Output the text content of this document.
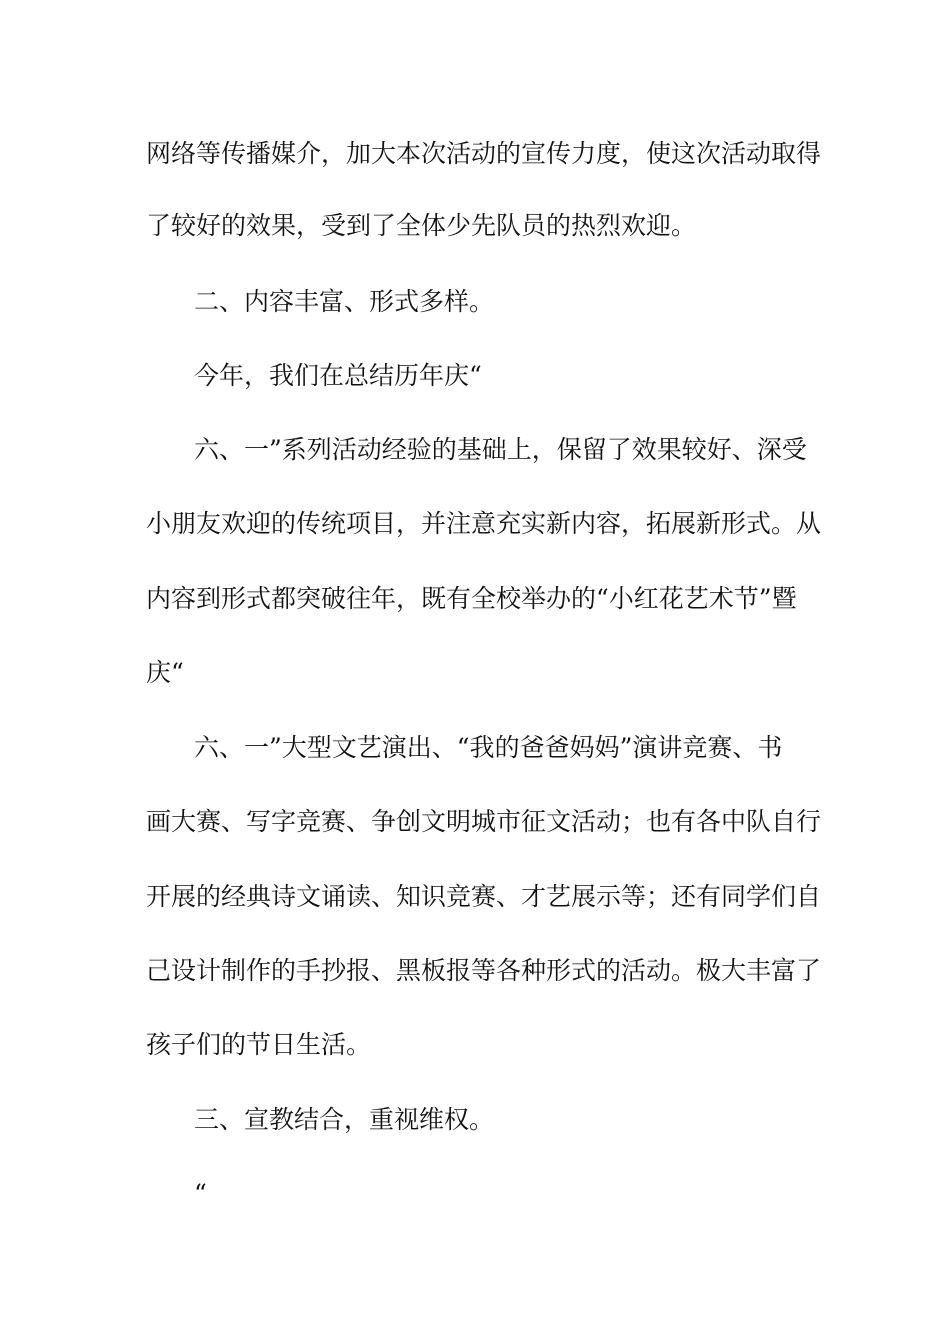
网络等传播媒介，加大本次活动的宣传力度，使这次活动取得
了较好的效果，受到了全体少先队员的热烈欢迎。
二、内容丰富、形式多样。
今年，我们在总结历年庆“
六、一”系列活动经验的基础上，保留了效果较好、深受
小朋友欢迎的传统项目，并注意充实新内容，拓展新形式。从
内容到形式都突破往年，既有全校举办的“小红花艺术节”暨
庆“
六、一”大型文艺演出、“我的爸爸妈妈”演讲竞赛、书
画大赛、写字竞赛、争创文明城市征文活动；也有各中队自行
开展的经典诗文诵读、知识竞赛、才艺展示等；还有同学们自
己设计制作的手抄报、黑板报等各种形式的活动。极大丰富了
孩子们的节日生活。
三、宣教结合，重视维权。
“
